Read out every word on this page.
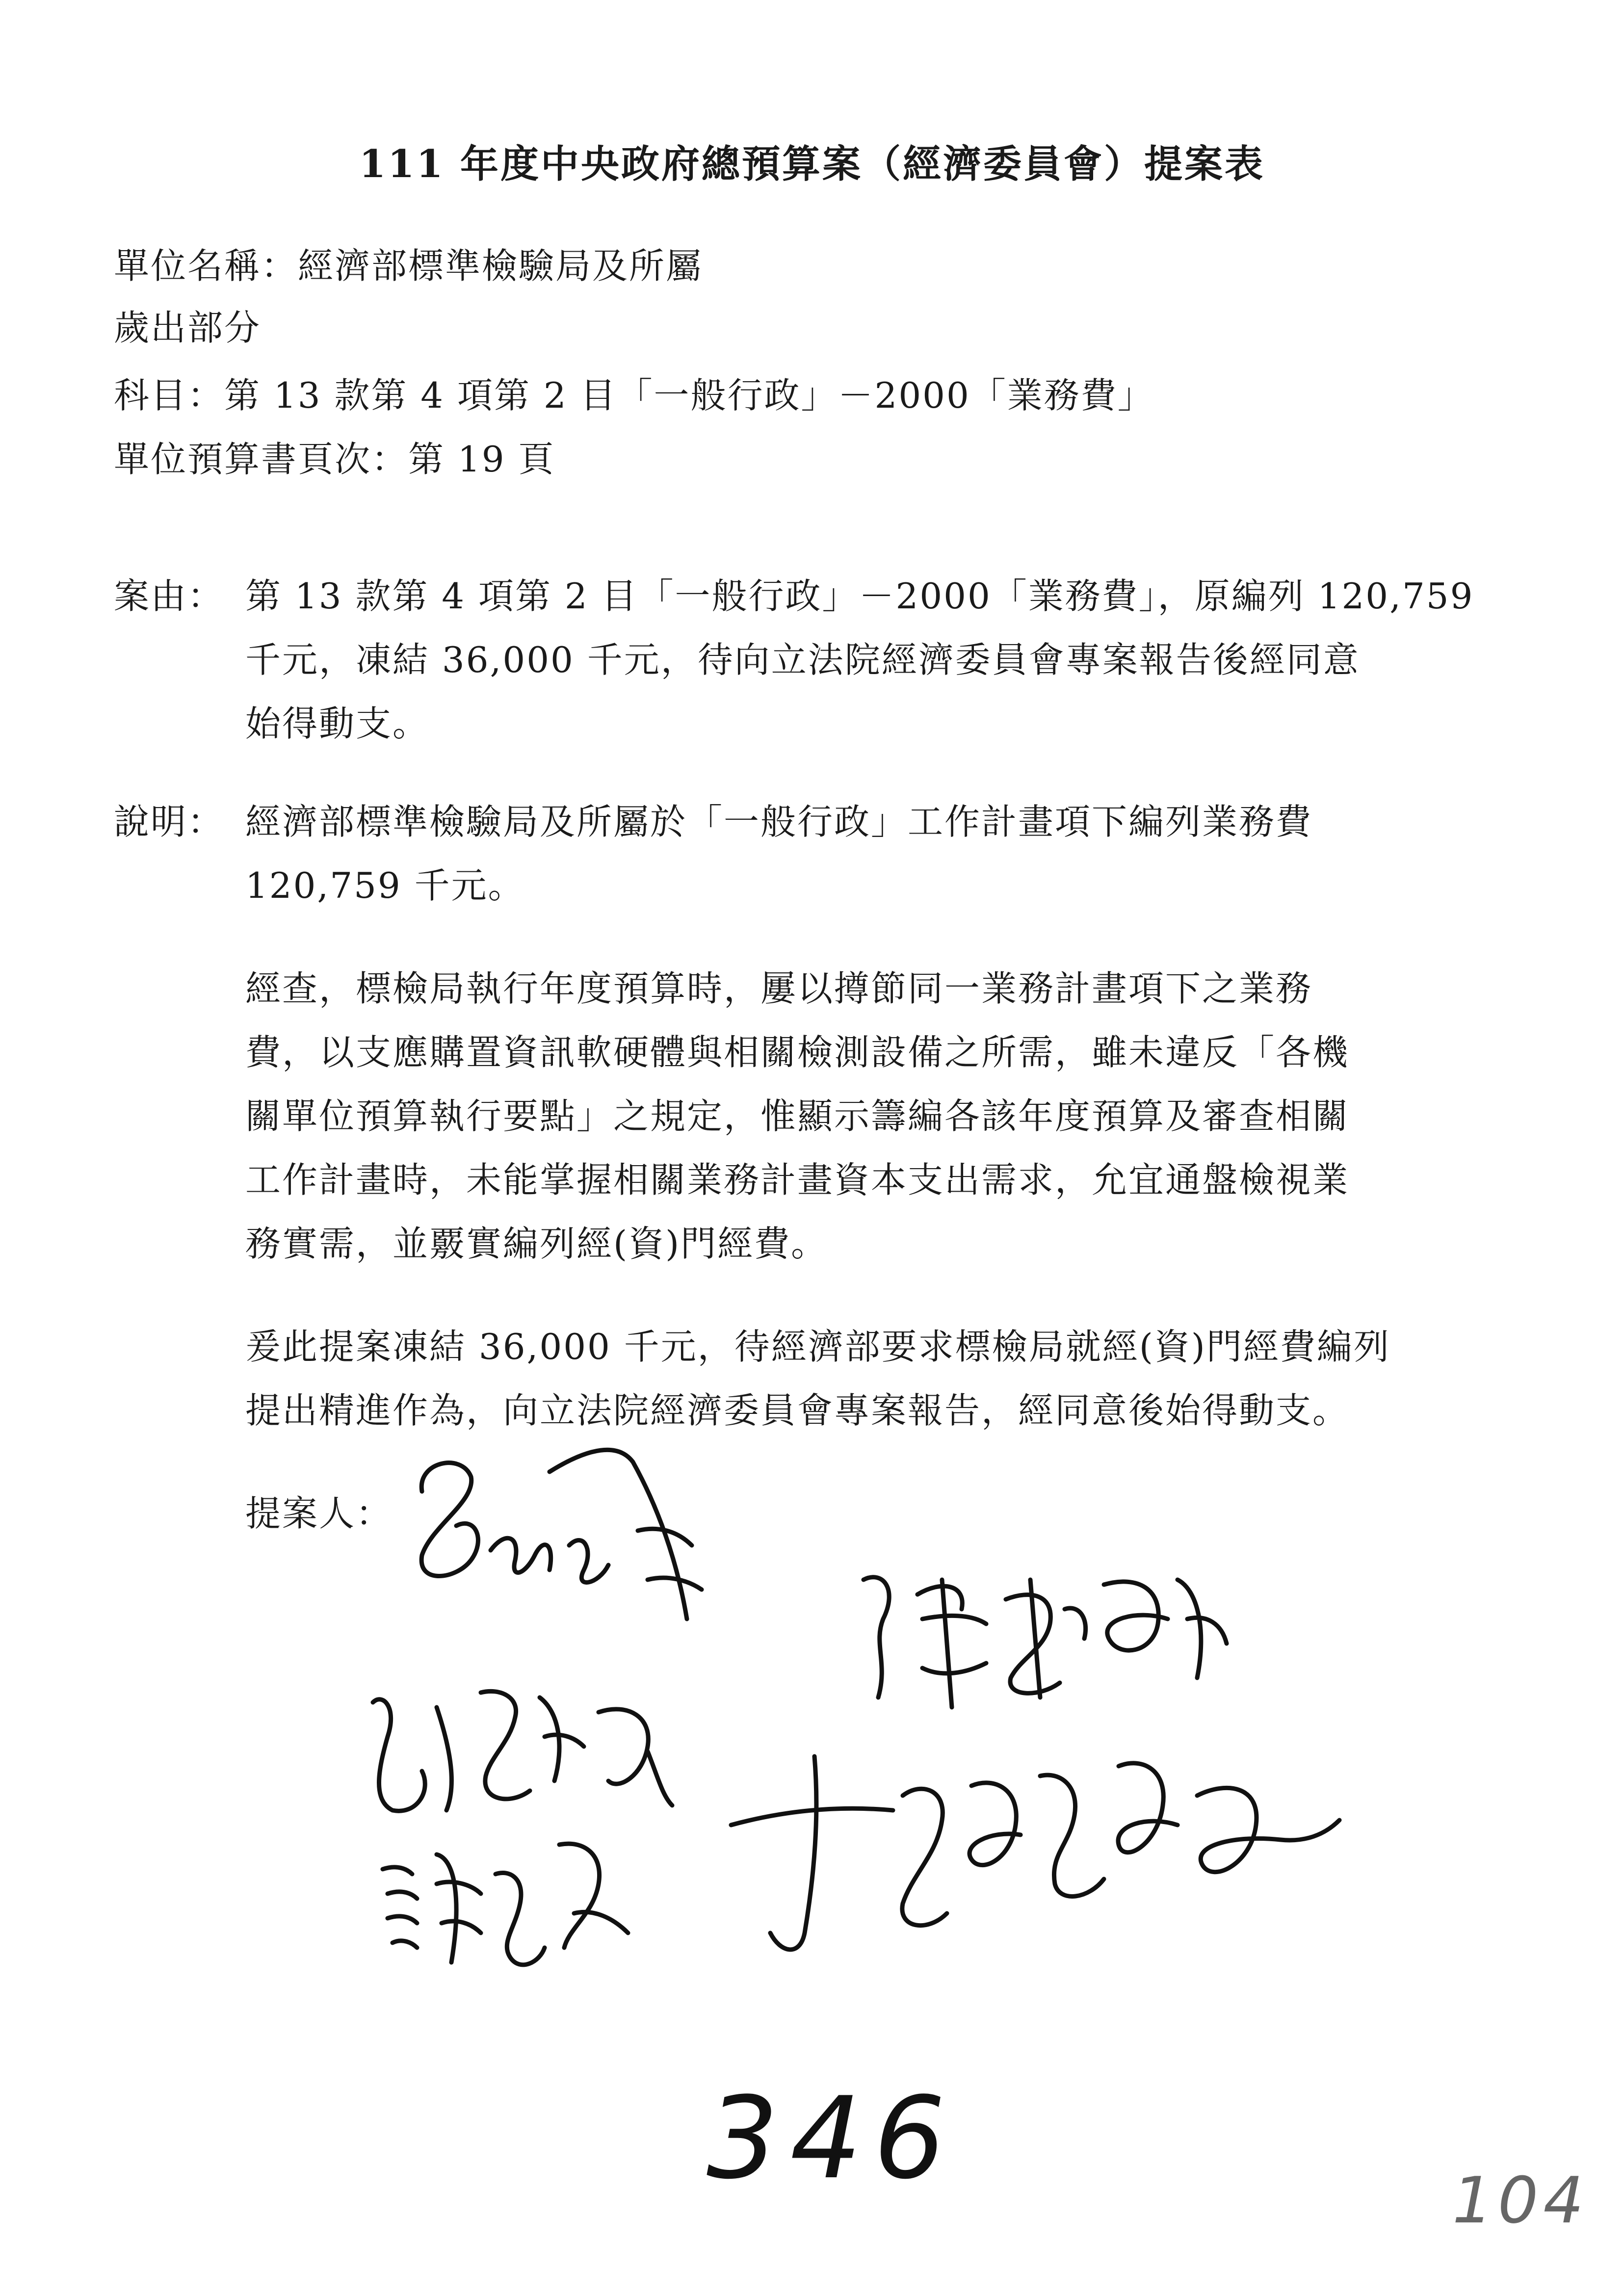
111 年度中央政府總預算案（經濟委員會）提案表
單位名稱：經濟部標準檢驗局及所屬
歲出部分
科目：第 13 款第 4 項第 2 目「一般行政」－2000「業務費」
單位預算書頁次：第 19 頁
案由： 第 13 款第 4 項第 2 目「一般行政」－2000「業務費」，原編列 120,759
千元，凍結 36,000 千元，待向立法院經濟委員會專案報告後經同意
始得動支。
說明： 經濟部標準檢驗局及所屬於「一般行政」工作計畫項下編列業務費
120,759 千元。
經查，標檢局執行年度預算時，屢以撙節同一業務計畫項下之業務
費，以支應購置資訊軟硬體與相關檢測設備之所需，雖未違反「各機
關單位預算執行要點」之規定，惟顯示籌編各該年度預算及審查相關
工作計畫時，未能掌握相關業務計畫資本支出需求，允宜通盤檢視業
務實需，並覈實編列經(資)門經費。
爰此提案凍結 36,000 千元，待經濟部要求標檢局就經(資)門經費編列
提出精進作為，向立法院經濟委員會專案報告，經同意後始得動支。
提案人：
346	104
